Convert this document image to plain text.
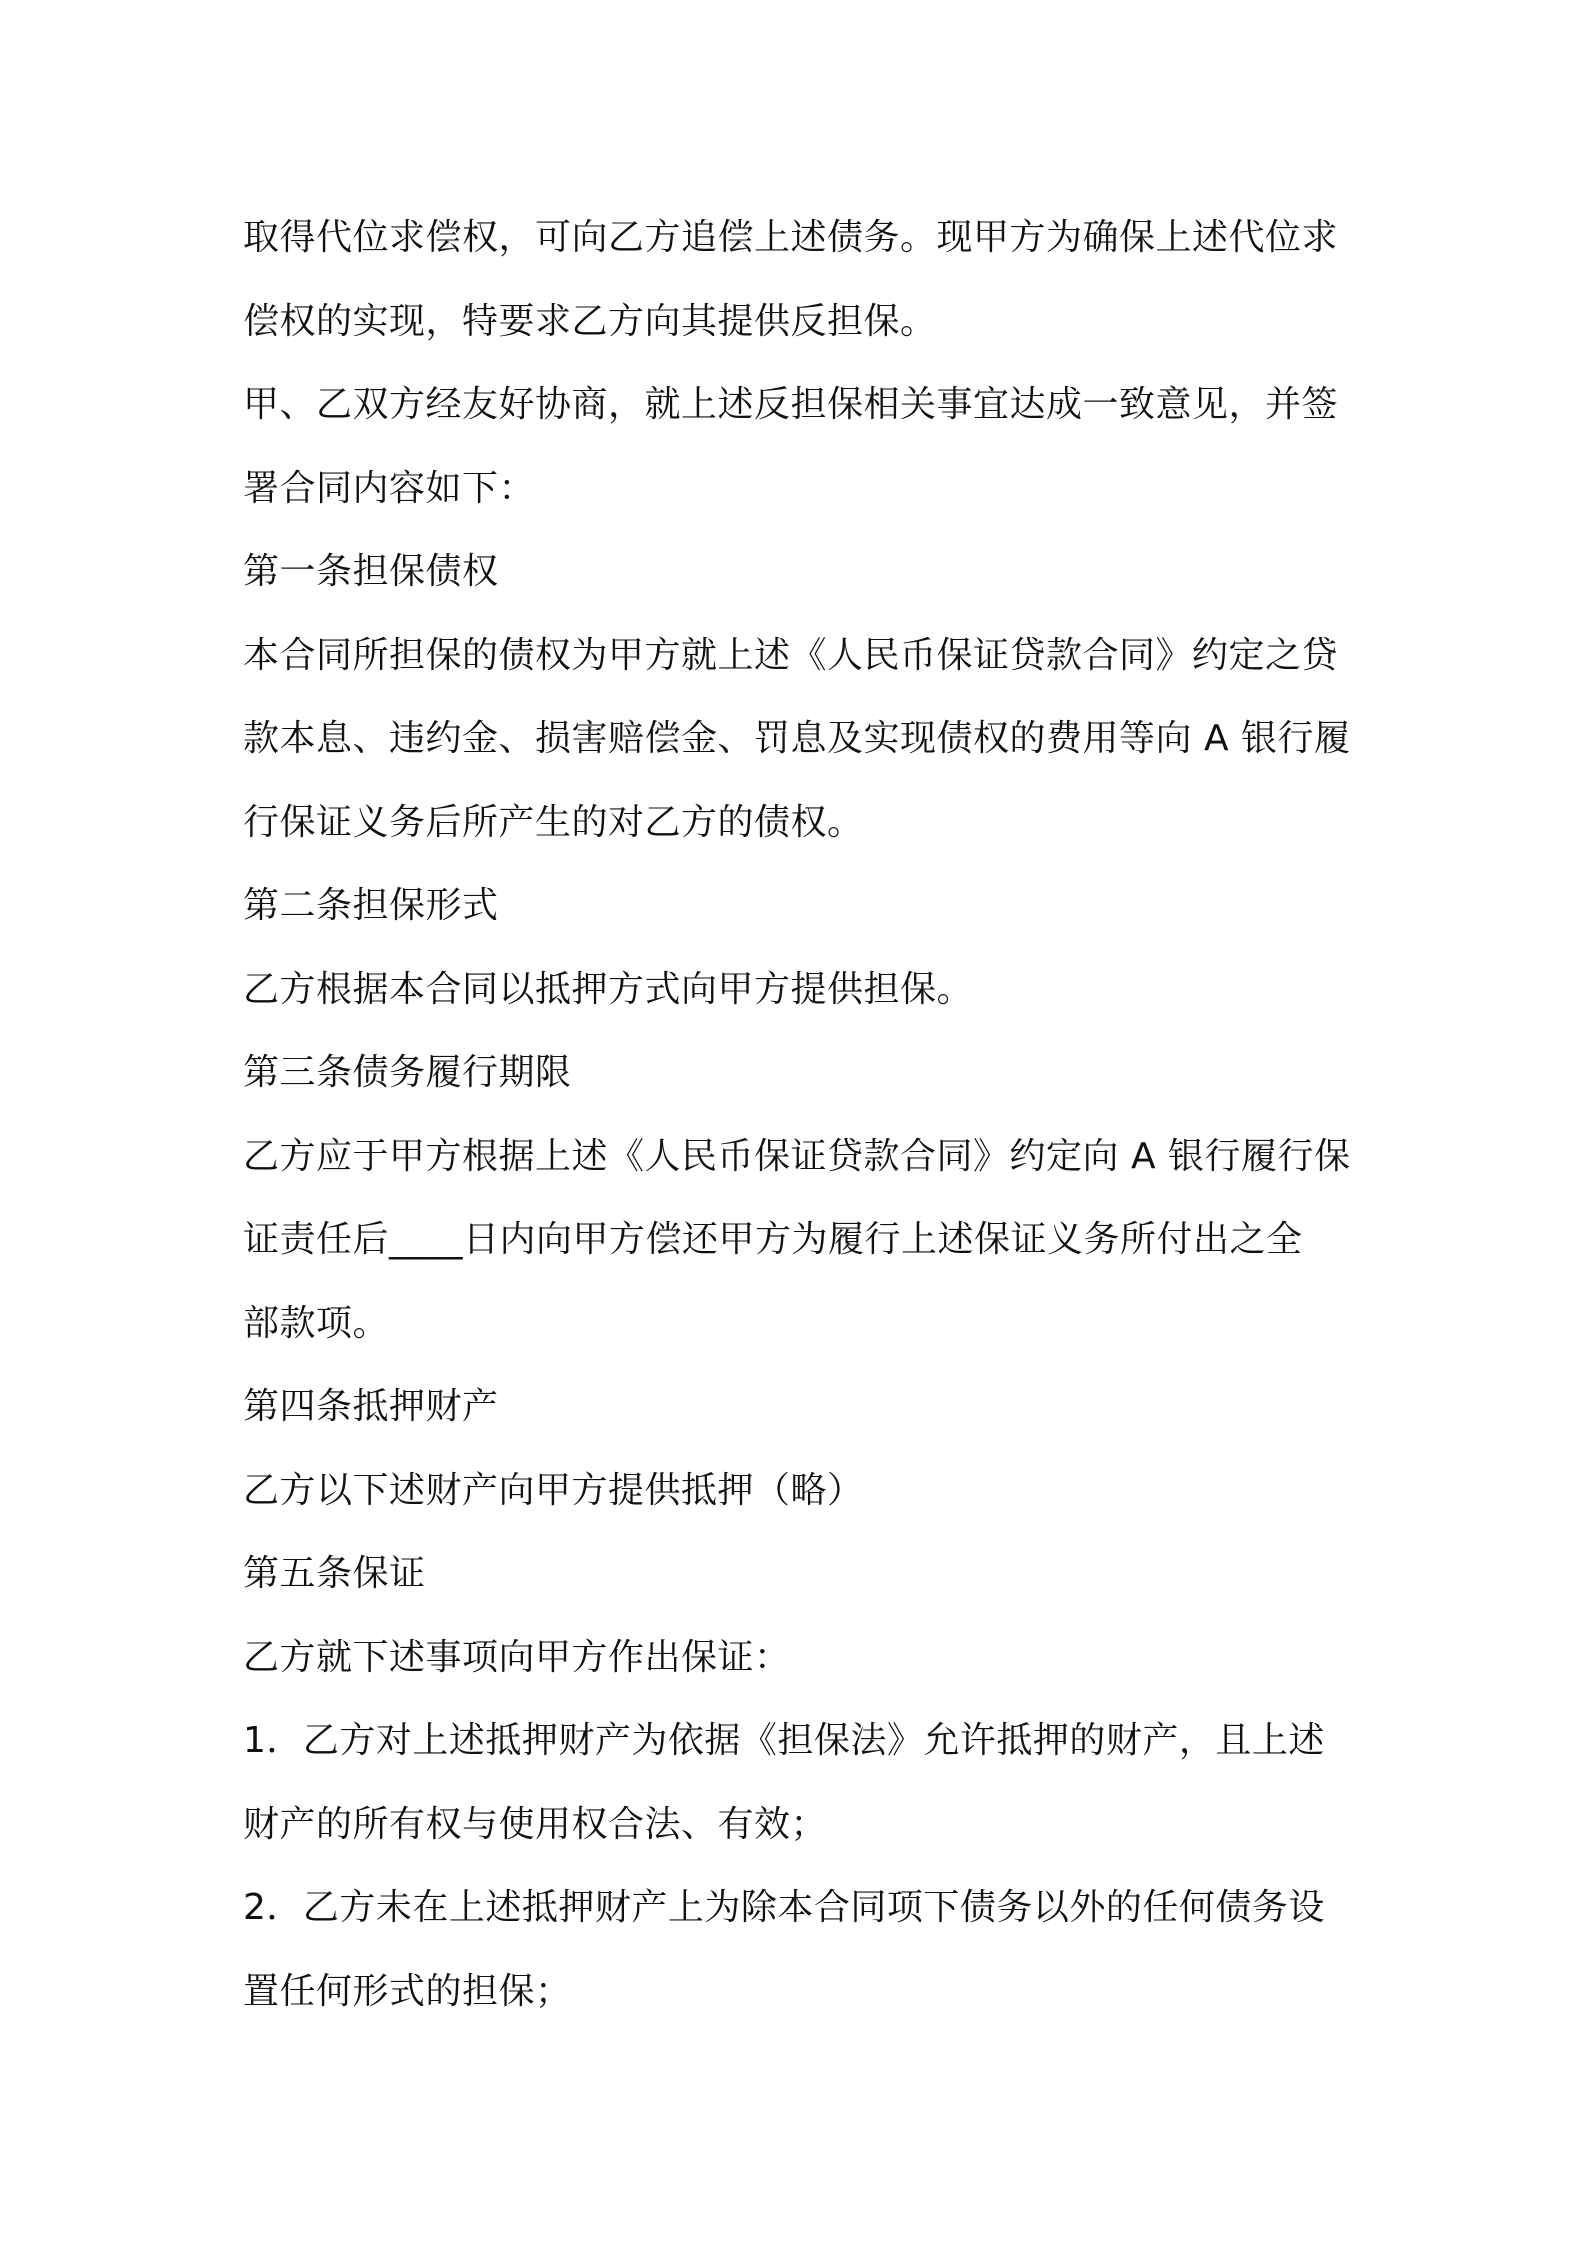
取得代位求偿权，可向乙方追偿上述债务。现甲方为确保上述代位求
偿权的实现，特要求乙方向其提供反担保。
甲、乙双方经友好协商，就上述反担保相关事宜达成一致意见，并签
署合同内容如下：
第一条担保债权
本合同所担保的债权为甲方就上述《人民币保证贷款合同》约定之贷
款本息、违约金、损害赔偿金、罚息及实现债权的费用等向 A 银行履
行保证义务后所产生的对乙方的债权。
第二条担保形式
乙方根据本合同以抵押方式向甲方提供担保。
第三条债务履行期限
乙方应于甲方根据上述《人民币保证贷款合同》约定向 A 银行履行保
证责任后____日内向甲方偿还甲方为履行上述保证义务所付出之全
部款项。
第四条抵押财产
乙方以下述财产向甲方提供抵押（略）
第五条保证
乙方就下述事项向甲方作出保证：
1．乙方对上述抵押财产为依据《担保法》允许抵押的财产，且上述
财产的所有权与使用权合法、有效；
2．乙方未在上述抵押财产上为除本合同项下债务以外的任何债务设
置任何形式的担保；
